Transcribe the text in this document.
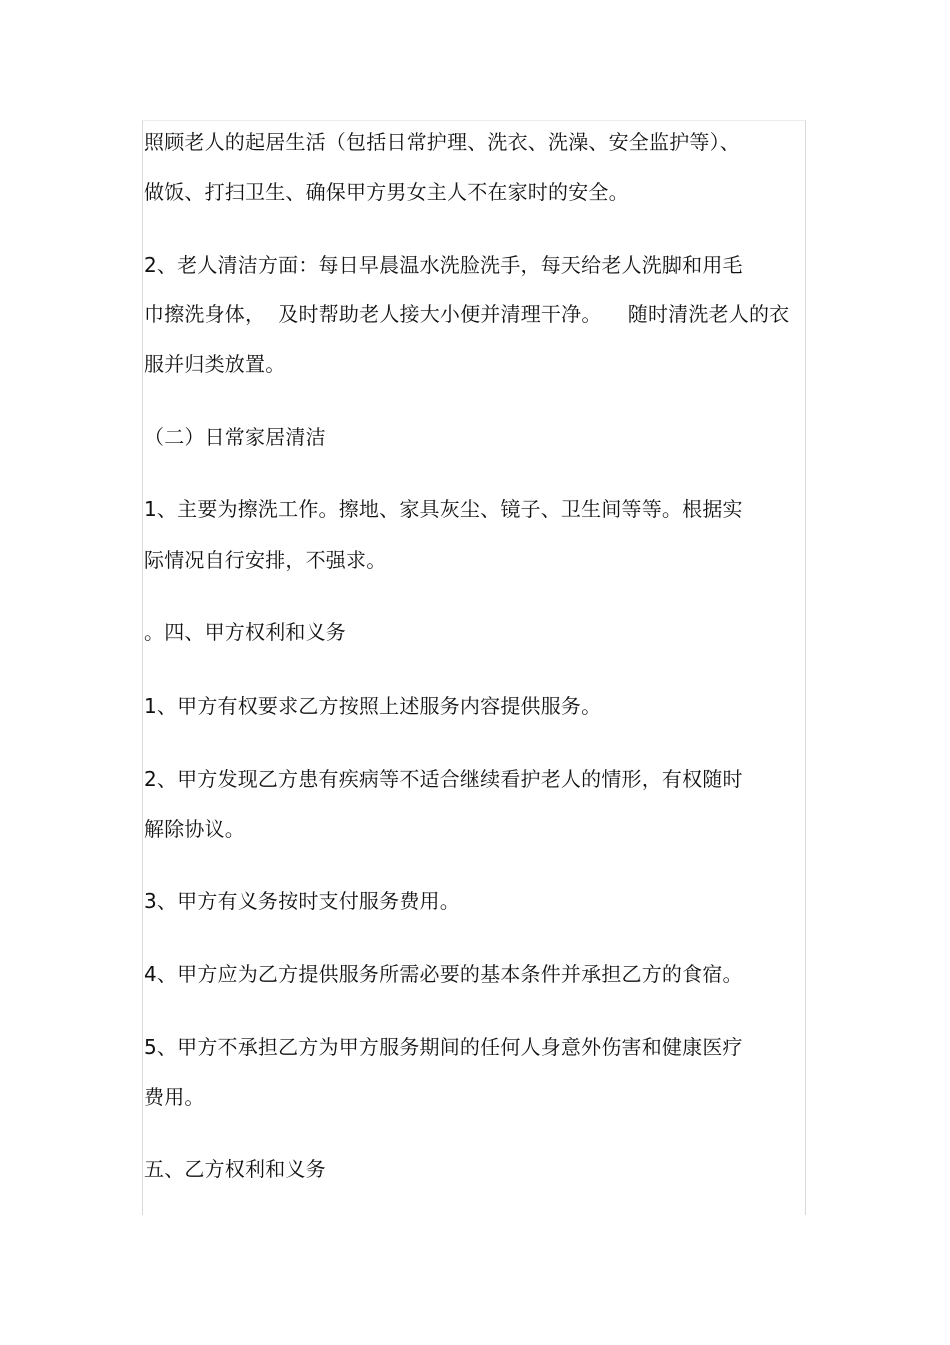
照顾老人的起居生活（包括日常护理、洗衣、洗澡、安全监护等）、
做饭、打扫卫生、确保甲方男女主人不在家时的安全。
2、老人清洁方面：每日早晨温水洗脸洗手，每天给老人洗脚和用毛
巾擦洗身体，  及时帮助老人接大小便并清理干净。    随时清洗老人的衣
服并归类放置。
（二）日常家居清洁
1、主要为擦洗工作。擦地、家具灰尘、镜子、卫生间等等。根据实
际情况自行安排，不强求。
。四、甲方权利和义务
1、甲方有权要求乙方按照上述服务内容提供服务。
2、甲方发现乙方患有疾病等不适合继续看护老人的情形，有权随时
解除协议。
3、甲方有义务按时支付服务费用。
4、甲方应为乙方提供服务所需必要的基本条件并承担乙方的食宿。
5、甲方不承担乙方为甲方服务期间的任何人身意外伤害和健康医疗
费用。
五、乙方权利和义务
